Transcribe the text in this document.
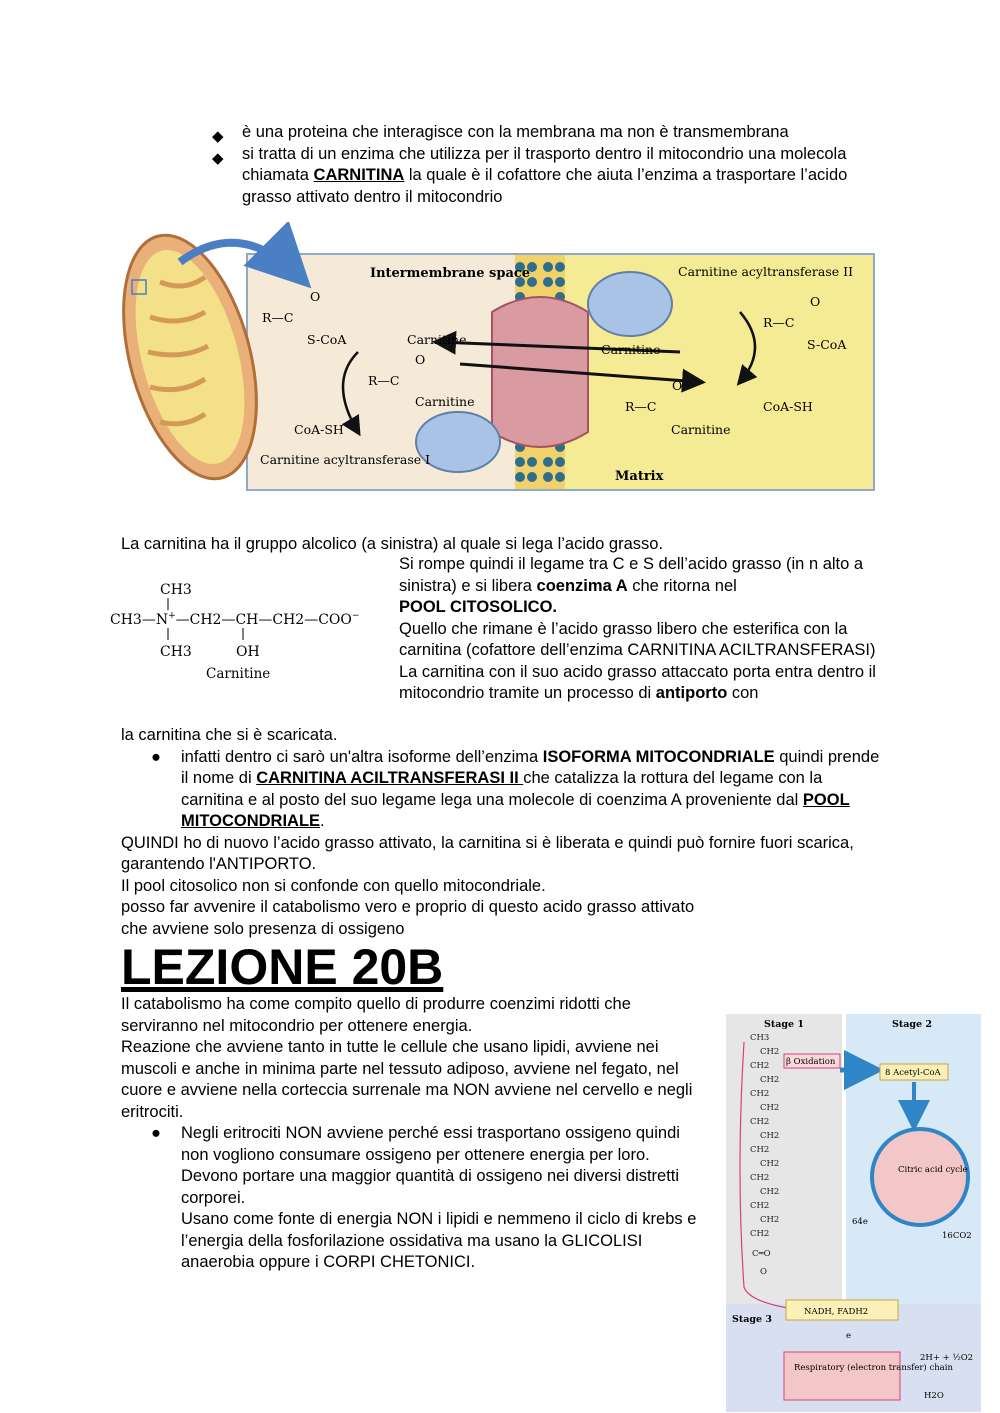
◆ è una proteina che interagisce con la membrana ma non è transmembrana
◆ si tratta di un enzima che utilizza per il trasporto dentro il mitocondrio una molecola chiamata CARNITINA la quale è il cofattore che aiuta l’enzima a trasportare l’acido grasso attivato dentro il mitocondrio
Intermembrane space
Matrix
Carnitine acyltransferase I
Carnitine acyltransferase II
Carnitine
Carnitine
Carnitine
Carnitine
CoA-SH
CoA-SH
S-CoA	S-CoA
R—C
O
R—C
O
R—C
O
R—C
O
La carnitina ha il gruppo alcolico (a sinistra) al quale si lega l’acido grasso.
CH3
CH3—N+—CH2—CH—CH2—COO−
CH3	OH
Carnitine
Si rompe quindi il legame tra C e S dell’acido grasso (in n alto a sinistra) e si libera coenzima A che ritorna nel
POOL CITOSOLICO.
Quello che rimane è l’acido grasso libero che esterifica con la carnitina (cofattore dell’enzima CARNITINA ACILTRANSFERASI)
La carnitina con il suo acido grasso attaccato porta entra dentro il mitocondrio tramite un processo di antiporto con
la carnitina che si è scaricata.
● infatti dentro ci sarò un'altra isoforme dell’enzima ISOFORMA MITOCONDRIALE quindi prende il nome di CARNITINA ACILTRANSFERASI II che catalizza la rottura del legame con la carnitina e al posto del suo legame lega una molecole di coenzima A proveniente dal POOL MITOCONDRIALE.
QUINDI ho di nuovo l’acido grasso attivato, la carnitina si è liberata e quindi può fornire fuori scarica, garantendo l'ANTIPORTO.
Il pool citosolico non si confonde con quello mitocondriale.
posso far avvenire il catabolismo vero e proprio di questo acido grasso attivato
che avviene solo presenza di ossigeno
LEZIONE 20B
Il catabolismo ha come compito quello di produrre coenzimi ridotti che serviranno nel mitocondrio per ottenere energia.
Reazione che avviene tanto in tutte le cellule che usano lipidi, avviene nei muscoli e anche in minima parte nel tessuto adiposo, avviene nel fegato, nel cuore e avviene nella corteccia surrenale ma NON avviene nel cervello e negli eritrociti.
● Negli eritrociti NON avviene perché essi trasportano ossigeno quindi non vogliono consumare ossigeno per ottenere energia per loro.
Devono portare una maggior quantità di ossigeno nei diversi distretti corporei.
Usano come fonte di energia NON i lipidi e nemmeno il ciclo di krebs e l’energia della fosforilazione ossidativa ma usano la GLICOLISI anaerobia oppure i CORPI CHETONICI.
Stage 1	Stage 2
Stage 3
CH3
CH2
CH2
CH2
CH2
CH2
CH2
CH2
CH2
CH2
CH2
CH2
CH2
CH2
CH2
C═O
O
β Oxidation
8 Acetyl-CoA
Citric acid cycle
64e
16CO2
NADH, FADH2
e
Respiratory (electron transfer) chain
2H+ + ½O2
H2O
